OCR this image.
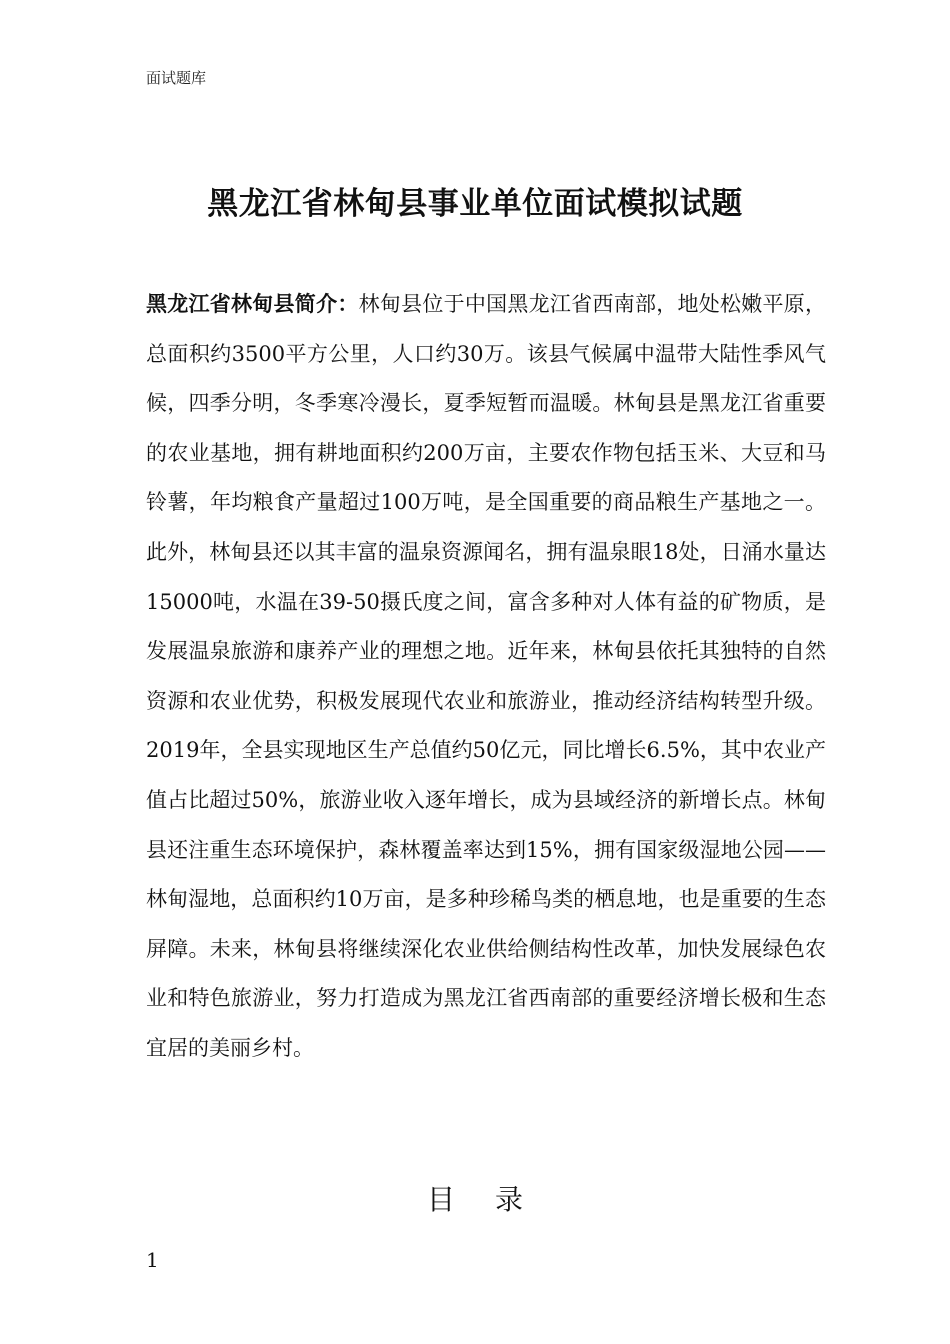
面试题库
黑龙江省林甸县事业单位面试模拟试题

黑龙江省林甸县简介：林甸县位于中国黑龙江省西南部，地处松嫩平原，总面积约3500平方公里，人口约30万。该县气候属中温带大陆性季风气候，四季分明，冬季寒冷漫长，夏季短暂而温暖。林甸县是黑龙江省重要的农业基地，拥有耕地面积约200万亩，主要农作物包括玉米、大豆和马铃薯，年均粮食产量超过100万吨，是全国重要的商品粮生产基地之一。此外，林甸县还以其丰富的温泉资源闻名，拥有温泉眼18处，日涌水量达15000吨，水温在39-50摄氏度之间，富含多种对人体有益的矿物质，是发展温泉旅游和康养产业的理想之地。近年来，林甸县依托其独特的自然资源和农业优势，积极发展现代农业和旅游业，推动经济结构转型升级。2019年，全县实现地区生产总值约50亿元，同比增长6.5%，其中农业产值占比超过50%，旅游业收入逐年增长，成为县域经济的新增长点。林甸县还注重生态环境保护，森林覆盖率达到15%，拥有国家级湿地公园——林甸湿地，总面积约10万亩，是多种珍稀鸟类的栖息地，也是重要的生态屏障。未来，林甸县将继续深化农业供给侧结构性改革，加快发展绿色农业和特色旅游业，努力打造成为黑龙江省西南部的重要经济增长极和生态宜居的美丽乡村。

目录
1
